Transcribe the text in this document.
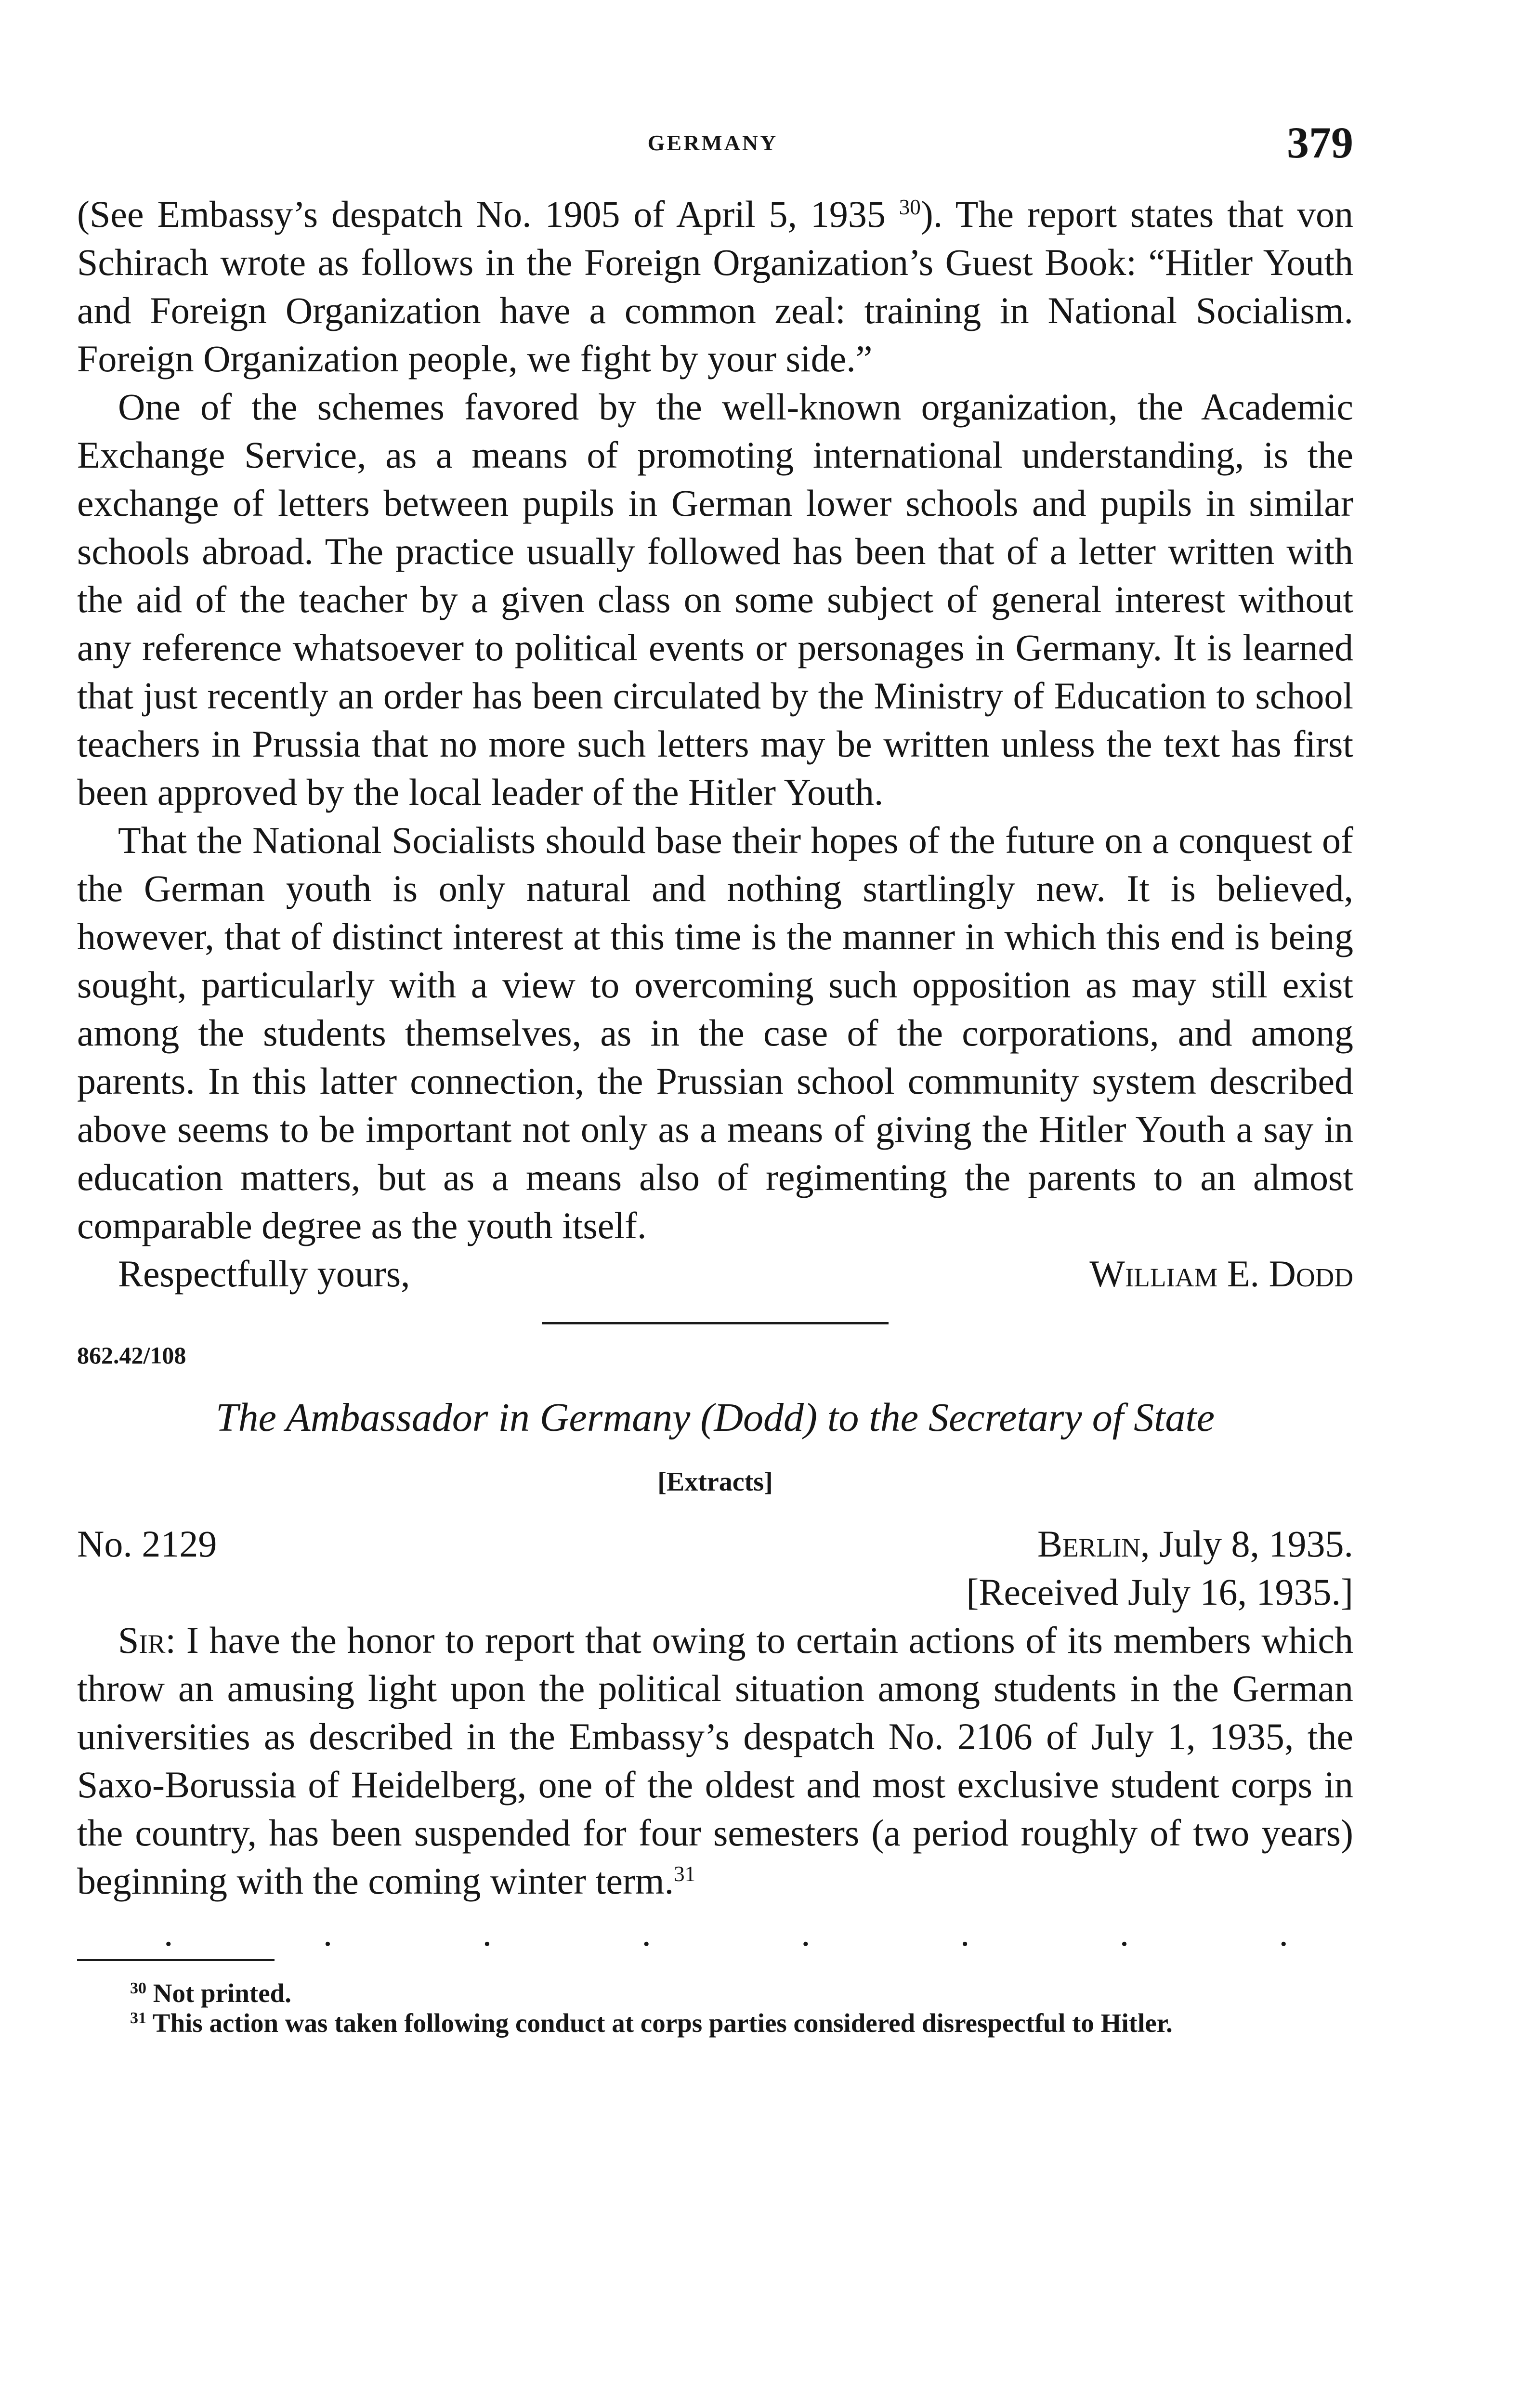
GERMANY	379

(See Embassy’s despatch No. 1905 of April 5, 1935 $^{30}$). The report states that von Schirach wrote as follows in the Foreign Organization’s Guest Book: “Hitler Youth and Foreign Organization have a common zeal: training in National Socialism. Foreign Organization people, we fight by your side.”

One of the schemes favored by the well-known organization, the Academic Exchange Service, as a means of promoting international understanding, is the exchange of letters between pupils in German lower schools and pupils in similar schools abroad. The practice usually followed has been that of a letter written with the aid of the teacher by a given class on some subject of general interest without any reference whatsoever to political events or personages in Germany. It is learned that just recently an order has been circulated by the Ministry of Education to school teachers in Prussia that no more such letters may be written unless the text has first been approved by the local leader of the Hitler Youth.

That the National Socialists should base their hopes of the future on a conquest of the German youth is only natural and nothing startlingly new. It is believed, however, that of distinct interest at this time is the manner in which this end is being sought, particularly with a view to overcoming such opposition as may still exist among the students themselves, as in the case of the corporations, and among parents. In this latter connection, the Prussian school community system described above seems to be important not only as a means of giving the Hitler Youth a say in education matters, but as a means also of regimenting the parents to an almost comparable degree as the youth itself.

Respectfully yours,	William E. Dodd
862.42/108
The Ambassador in Germany (Dodd) to the Secretary of State
[Extracts]
No. 2129	Berlin, July 8, 1935.
[Received July 16, 1935.]

Sir: I have the honor to report that owing to certain actions of its members which throw an amusing light upon the political situation among students in the German universities as described in the Embassy’s despatch No. 2106 of July 1, 1935, the Saxo-Borussia of Heidelberg, one of the oldest and most exclusive student corps in the country, has been suspended for four semesters (a period roughly of two years) beginning with the coming winter term.$^{31}$

.	.	.	.	.	.	.	.

$^{30}$ Not printed.

$^{31}$ This action was taken following conduct at corps parties considered disrespectful to Hitler.
